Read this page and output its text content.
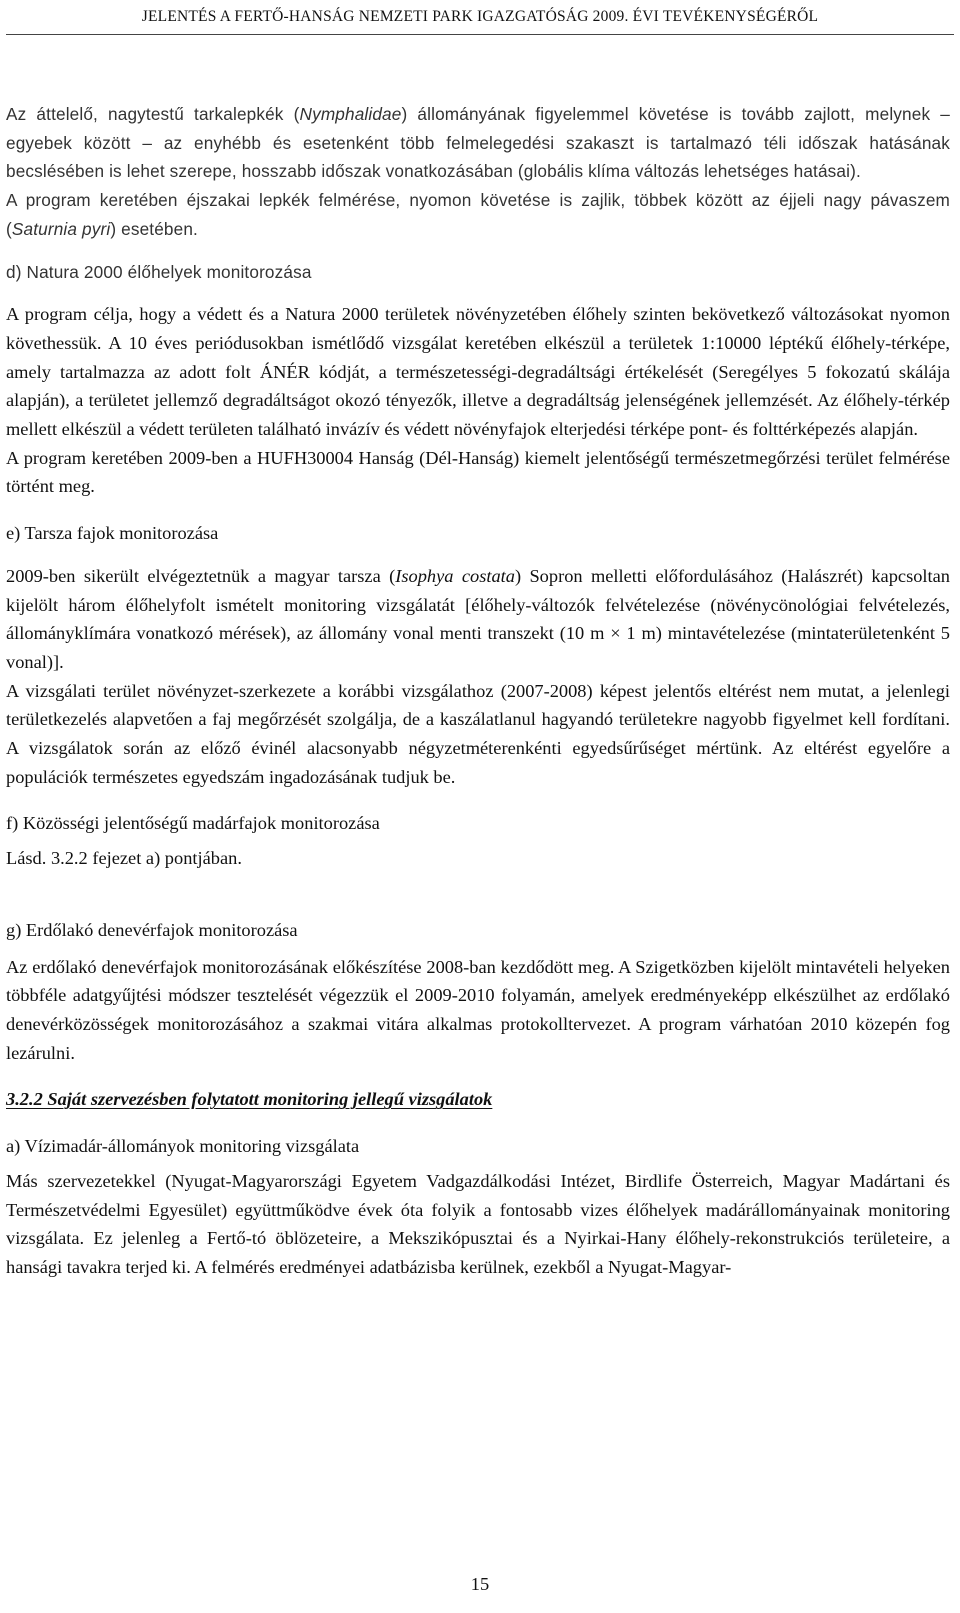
JELENTÉS A FERTŐ-HANSÁG NEMZETI PARK IGAZGATÓSÁG 2009. ÉVI TEVÉKENYSÉGÉRŐL

Az áttelelő, nagytestű tarkalepkék (Nymphalidae) állományának figyelemmel követése is tovább zajlott, melynek – egyebek között – az enyhébb és esetenként több felmelegedési szakaszt is tartalmazó téli időszak hatásának becslésében is lehet szerepe, hosszabb időszak vonatkozásában (globális klíma változás lehetséges hatásai).

A program keretében éjszakai lepkék felmérése, nyomon követése is zajlik, többek között az éjjeli nagy pávaszem (Saturnia pyri) esetében.

d) Natura 2000 élőhelyek monitorozása

A program célja, hogy a védett és a Natura 2000 területek növényzetében élőhely szinten bekövetkező változásokat nyomon követhessük. A 10 éves periódusokban ismétlődő vizsgálat keretében elkészül a területek 1:10000 léptékű élőhely-térképe, amely tartalmazza az adott folt ÁNÉR kódját, a természetességi-degradáltsági értékelését (Seregélyes 5 fokozatú skálája alapján), a területet jellemző degradáltságot okozó tényezők, illetve a degradáltság jelenségének jellemzését. Az élőhely-térkép mellett elkészül a védett területen található invázív és védett növényfajok elterjedési térképe pont- és folttérképezés alapján.

A program keretében 2009-ben a HUFH30004 Hanság (Dél-Hanság) kiemelt jelentőségű természetmegőrzési terület felmérése történt meg.

e) Tarsza fajok monitorozása

2009-ben sikerült elvégeztetnük a magyar tarsza (Isophya costata) Sopron melletti előfordulásához (Halászrét) kapcsoltan kijelölt három élőhelyfolt ismételt monitoring vizsgálatát [élőhely-változók felvételezése (növénycönológiai felvételezés, állományklímára vonatkozó mérések), az állomány vonal menti transzekt (10 m × 1 m) mintavételezése (mintaterületenként 5 vonal)].

A vizsgálati terület növényzet-szerkezete a korábbi vizsgálathoz (2007-2008) képest jelentős eltérést nem mutat, a jelenlegi területkezelés alapvetően a faj megőrzését szolgálja, de a kaszálatlanul hagyandó területekre nagyobb figyelmet kell fordítani. A vizsgálatok során az előző évinél alacsonyabb négyzetméterenkénti egyedsűrűséget mértünk. Az eltérést egyelőre a populációk természetes egyedszám ingadozásának tudjuk be.

f) Közösségi jelentőségű madárfajok monitorozása

Lásd. 3.2.2 fejezet a) pontjában.

g) Erdőlakó denevérfajok monitorozása

Az erdőlakó denevérfajok monitorozásának előkészítése 2008-ban kezdődött meg. A Szigetközben kijelölt mintavételi helyeken többféle adatgyűjtési módszer tesztelését végezzük el 2009-2010 folyamán, amelyek eredményeképp elkészülhet az erdőlakó denevérközösségek monitorozásához a szakmai vitára alkalmas protokolltervezet. A program várhatóan 2010 közepén fog lezárulni.

3.2.2 Saját szervezésben folytatott monitoring jellegű vizsgálatok
a) Vízimadár-állományok monitoring vizsgálata

Más szervezetekkel (Nyugat-Magyarországi Egyetem Vadgazdálkodási Intézet, Birdlife Österreich, Magyar Madártani és Természetvédelmi Egyesület) együttműködve évek óta folyik a fontosabb vizes élőhelyek madárállományainak monitoring vizsgálata. Ez jelenleg a Fertő-tó öblözeteire, a Mekszikópusztai és a Nyirkai-Hany élőhely-rekonstrukciós területeire, a hansági tavakra terjed ki. A felmérés eredményei adatbázisba kerülnek, ezekből a Nyugat-Magyar-

15
